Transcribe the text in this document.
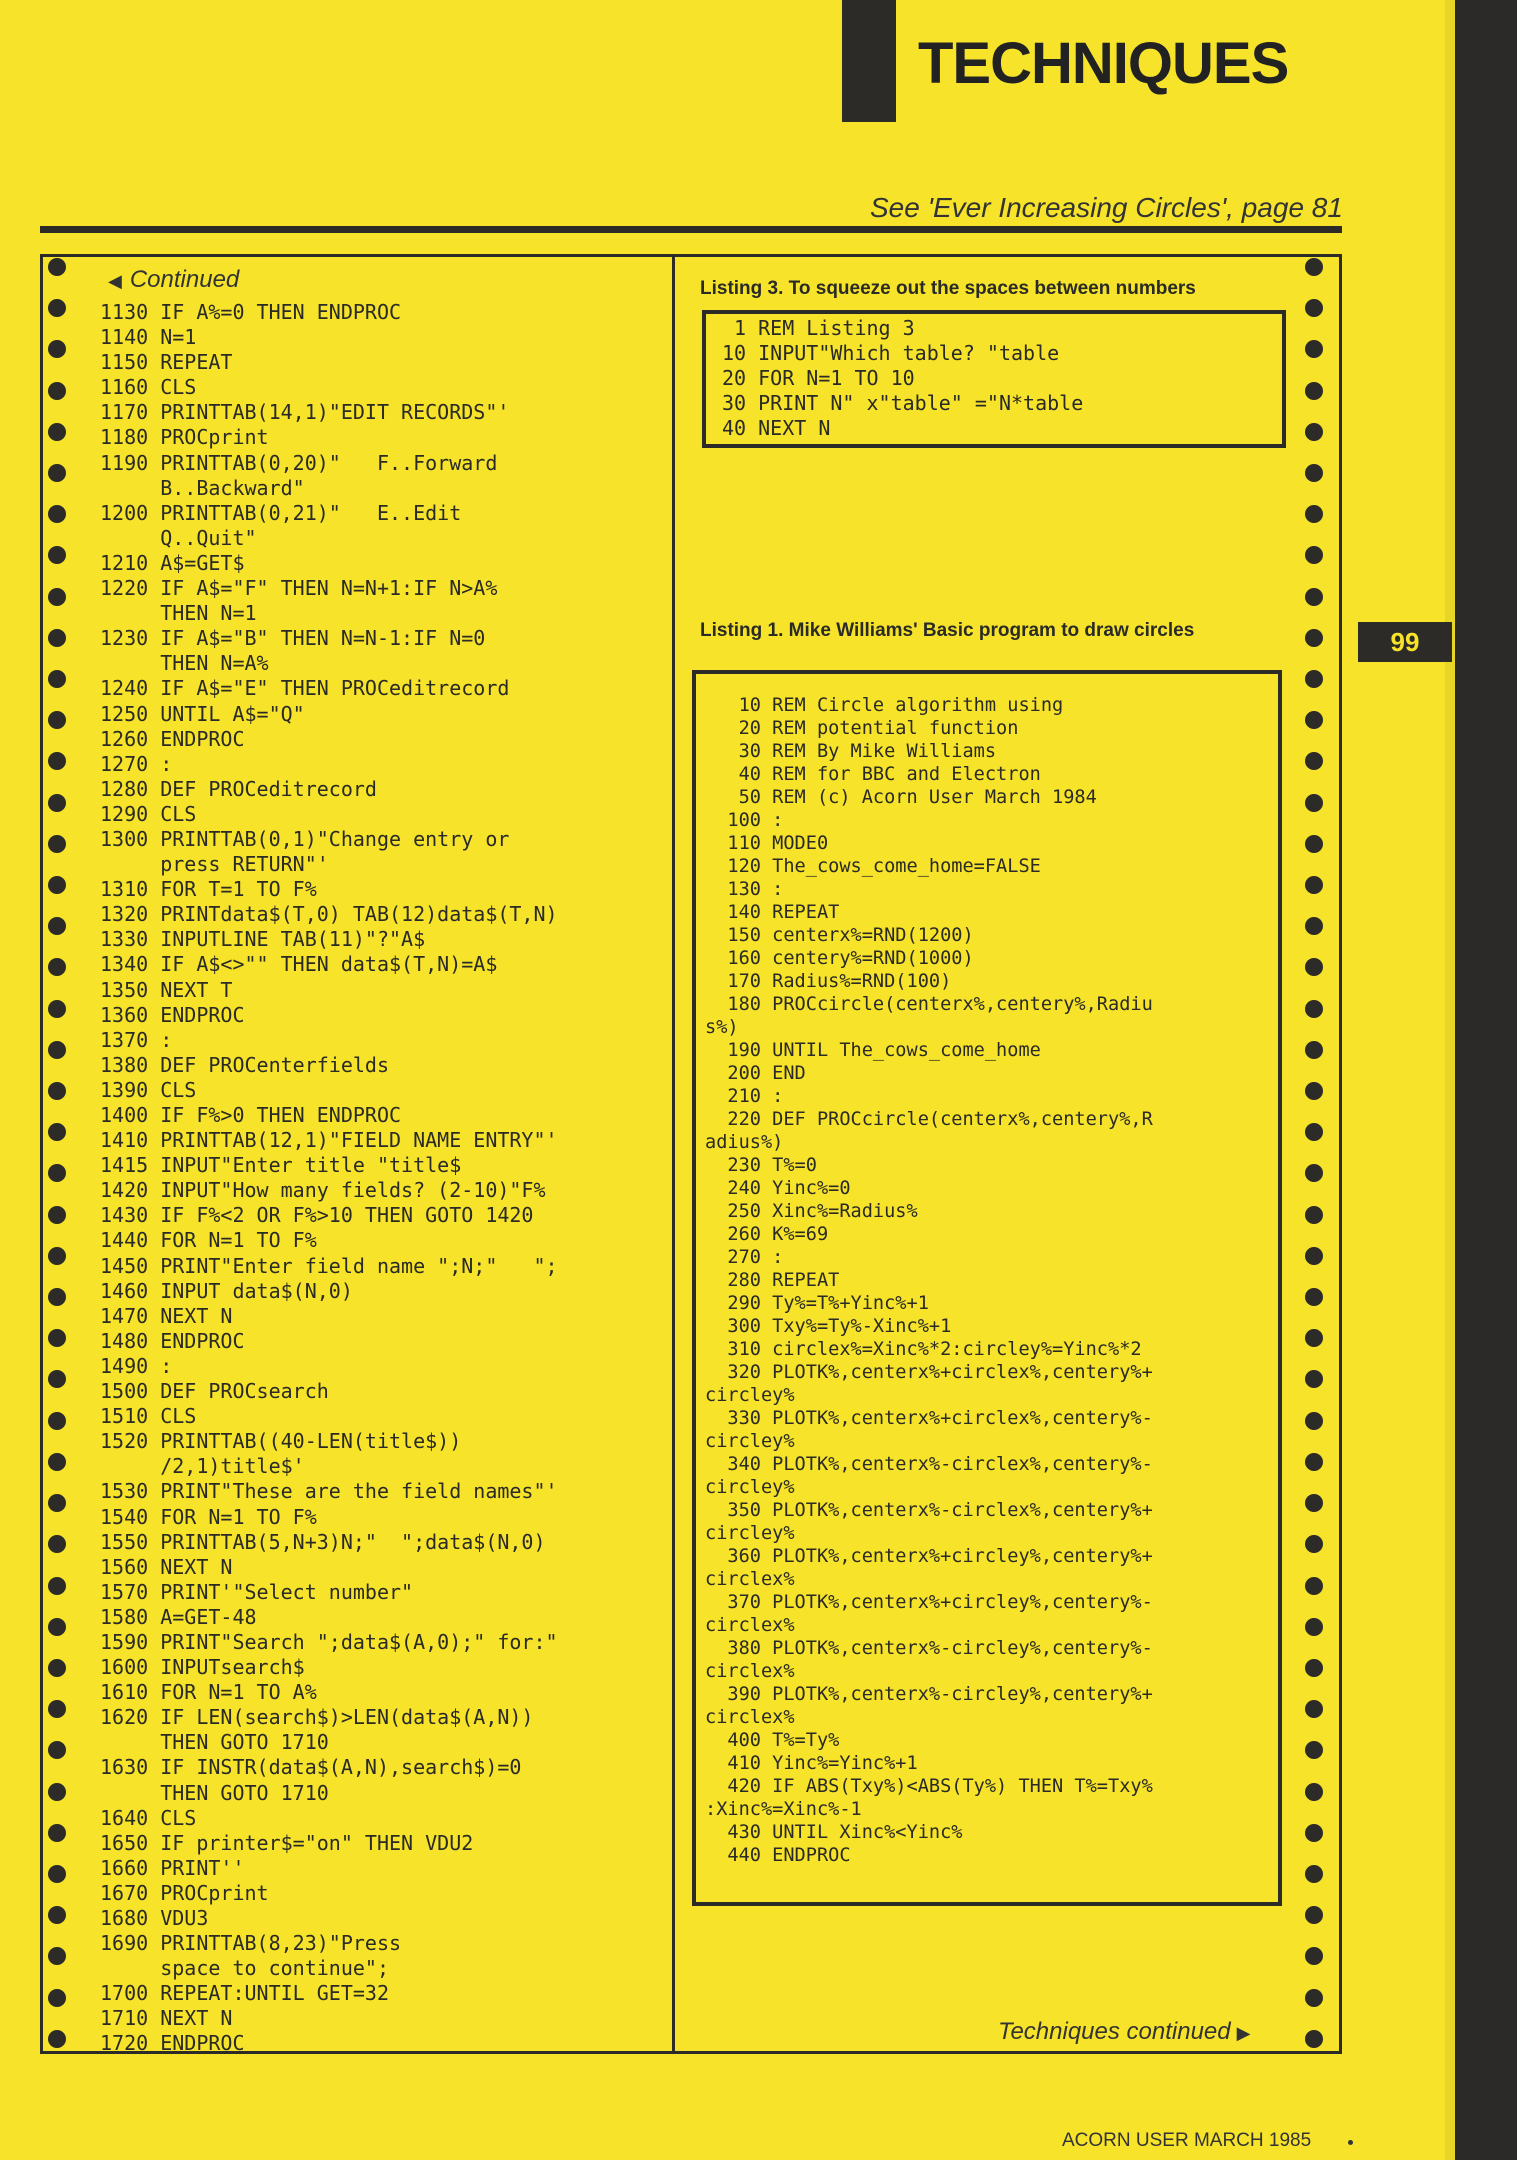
TECHNIQUES
See 'Ever Increasing Circles', page 81
99
◀ Continued
1130 IF A%=0 THEN ENDPROC
1140 N=1
1150 REPEAT
1160 CLS
1170 PRINTTAB(14,1)"EDIT RECORDS"'
1180 PROCprint
1190 PRINTTAB(0,20)"   F..Forward
B..Backward"
1200 PRINTTAB(0,21)"   E..Edit
Q..Quit"
1210 A$=GET$
1220 IF A$="F" THEN N=N+1:IF N>A%
THEN N=1
1230 IF A$="B" THEN N=N-1:IF N=0
THEN N=A%
1240 IF A$="E" THEN PROCeditrecord
1250 UNTIL A$="Q"
1260 ENDPROC
1270 :
1280 DEF PROCeditrecord
1290 CLS
1300 PRINTTAB(0,1)"Change entry or
press RETURN"'
1310 FOR T=1 TO F%
1320 PRINTdata$(T,0) TAB(12)data$(T,N)
1330 INPUTLINE TAB(11)"?"A$
1340 IF A$<>"" THEN data$(T,N)=A$
1350 NEXT T
1360 ENDPROC
1370 :
1380 DEF PROCenterfields
1390 CLS
1400 IF F%>0 THEN ENDPROC
1410 PRINTTAB(12,1)"FIELD NAME ENTRY"'
1415 INPUT"Enter title "title$
1420 INPUT"How many fields? (2-10)"F%
1430 IF F%<2 OR F%>10 THEN GOTO 1420
1440 FOR N=1 TO F%
1450 PRINT"Enter field name ";N;"   ";
1460 INPUT data$(N,0)
1470 NEXT N
1480 ENDPROC
1490 :
1500 DEF PROCsearch
1510 CLS
1520 PRINTTAB((40-LEN(title$))
/2,1)title$'
1530 PRINT"These are the field names"'
1540 FOR N=1 TO F%
1550 PRINTTAB(5,N+3)N;"  ";data$(N,0)
1560 NEXT N
1570 PRINT'"Select number"
1580 A=GET-48
1590 PRINT"Search ";data$(A,0);" for:"
1600 INPUTsearch$
1610 FOR N=1 TO A%
1620 IF LEN(search$)>LEN(data$(A,N))
THEN GOTO 1710
1630 IF INSTR(data$(A,N),search$)=0
THEN GOTO 1710
1640 CLS
1650 IF printer$="on" THEN VDU2
1660 PRINT''
1670 PROCprint
1680 VDU3
1690 PRINTTAB(8,23)"Press
space to continue";
1700 REPEAT:UNTIL GET=32
1710 NEXT N
1720 ENDPROC
Listing 3. To squeeze out the spaces between numbers
1 REM Listing 3
10 INPUT"Which table? "table
20 FOR N=1 TO 10
30 PRINT N" x"table" ="N*table
40 NEXT N
Listing 1. Mike Williams' Basic program to draw circles
10 REM Circle algorithm using
20 REM potential function
30 REM By Mike Williams
40 REM for BBC and Electron
50 REM (c) Acorn User March 1984
100 :
110 MODE0
120 The_cows_come_home=FALSE
130 :
140 REPEAT
150 centerx%=RND(1200)
160 centery%=RND(1000)
170 Radius%=RND(100)
180 PROCcircle(centerx%,centery%,Radiu
s%)
190 UNTIL The_cows_come_home
200 END
210 :
220 DEF PROCcircle(centerx%,centery%,R
adius%)
230 T%=0
240 Yinc%=0
250 Xinc%=Radius%
260 K%=69
270 :
280 REPEAT
290 Ty%=T%+Yinc%+1
300 Txy%=Ty%-Xinc%+1
310 circlex%=Xinc%*2:circley%=Yinc%*2
320 PLOTK%,centerx%+circlex%,centery%+
circley%
330 PLOTK%,centerx%+circlex%,centery%-
circley%
340 PLOTK%,centerx%-circlex%,centery%-
circley%
350 PLOTK%,centerx%-circlex%,centery%+
circley%
360 PLOTK%,centerx%+circley%,centery%+
circlex%
370 PLOTK%,centerx%+circley%,centery%-
circlex%
380 PLOTK%,centerx%-circley%,centery%-
circlex%
390 PLOTK%,centerx%-circley%,centery%+
circlex%
400 T%=Ty%
410 Yinc%=Yinc%+1
420 IF ABS(Txy%)<ABS(Ty%) THEN T%=Txy%
:Xinc%=Xinc%-1
430 UNTIL Xinc%<Yinc%
440 ENDPROC
Techniques continued ▶
ACORN USER MARCH 1985
